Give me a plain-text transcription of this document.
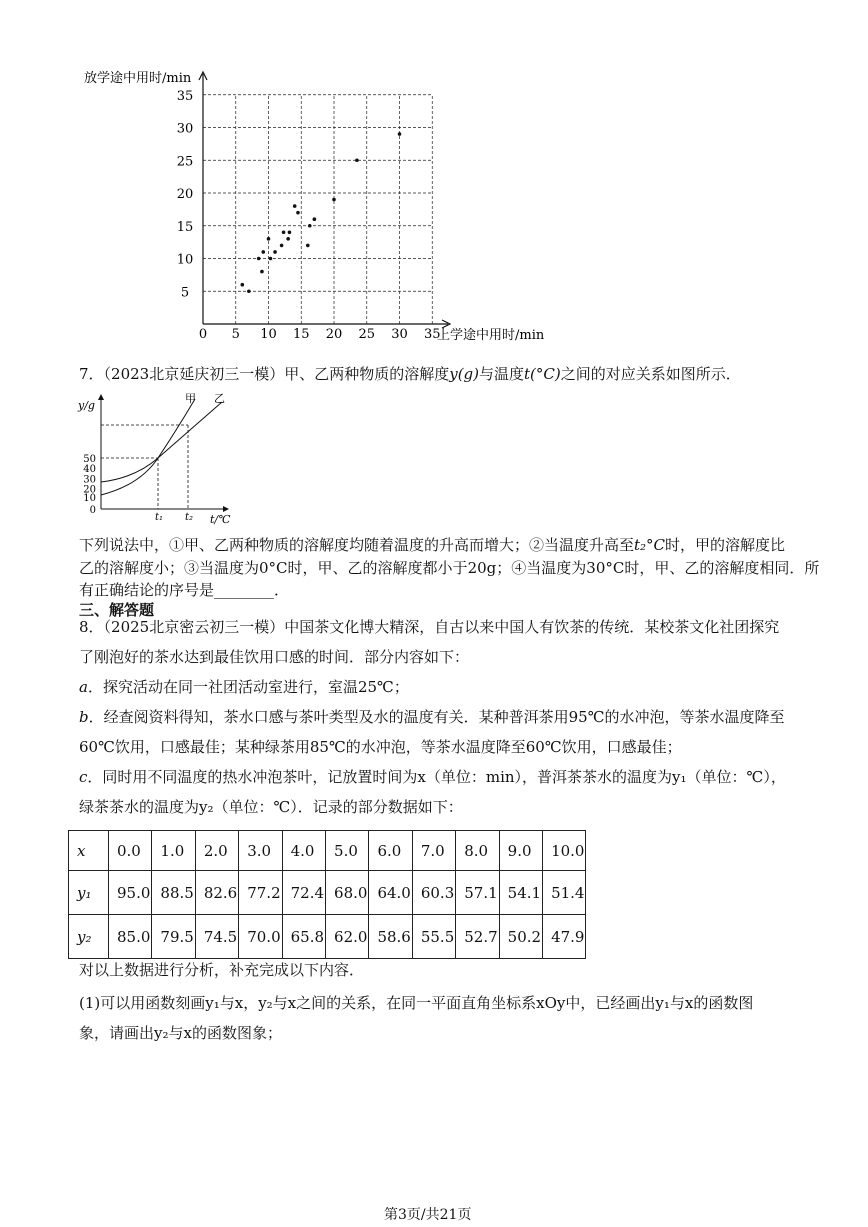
放学途中用时/min
5
10
15
20
25
30
35
0 5 10 15 20 25 30 35
上学途中用时/min
7．（2023北京延庆初三一模）甲、乙两种物质的溶解度y(g)与温度t(°C)之间的对应关系如图所示．
y/g
0
10
20
30
40
50
甲 乙
t₁ t₂ t/℃
下列说法中，①甲、乙两种物质的溶解度均随着温度的升高而增大；②当温度升高至t₂°C时，甲的溶解度比
乙的溶解度小；③当温度为0°C时，甲、乙的溶解度都小于20g；④当温度为30°C时，甲、乙的溶解度相同．所
有正确结论的序号是________．
三、解答题
8．（2025北京密云初三一模）中国茶文化博大精深，自古以来中国人有饮茶的传统．某校茶文化社团探究
了刚泡好的茶水达到最佳饮用口感的时间．部分内容如下：
a．探究活动在同一社团活动室进行，室温25℃；
b．经查阅资料得知，茶水口感与茶叶类型及水的温度有关．某种普洱茶用95℃的水冲泡，等茶水温度降至
60℃饮用，口感最佳；某种绿茶用85℃的水冲泡，等茶水温度降至60℃饮用，口感最佳；
c．同时用不同温度的热水冲泡茶叶，记放置时间为x（单位：min），普洱茶茶水的温度为y₁（单位：℃），
绿茶茶水的温度为y₂（单位：℃）．记录的部分数据如下：
x	0.0	1.0	2.0	3.0	4.0	5.0	6.0	7.0	8.0	9.0	10.0
y₁	95.0	88.5	82.6	77.2	72.4	68.0	64.0	60.3	57.1	54.1	51.4
y₂	85.0	79.5	74.5	70.0	65.8	62.0	58.6	55.5	52.7	50.2	47.9
对以上数据进行分析，补充完成以下内容．
(1)可以用函数刻画y₁与x，y₂与x之间的关系，在同一平面直角坐标系xOy中，已经画出y₁与x的函数图
象，请画出y₂与x的函数图象；
第3页/共21页
